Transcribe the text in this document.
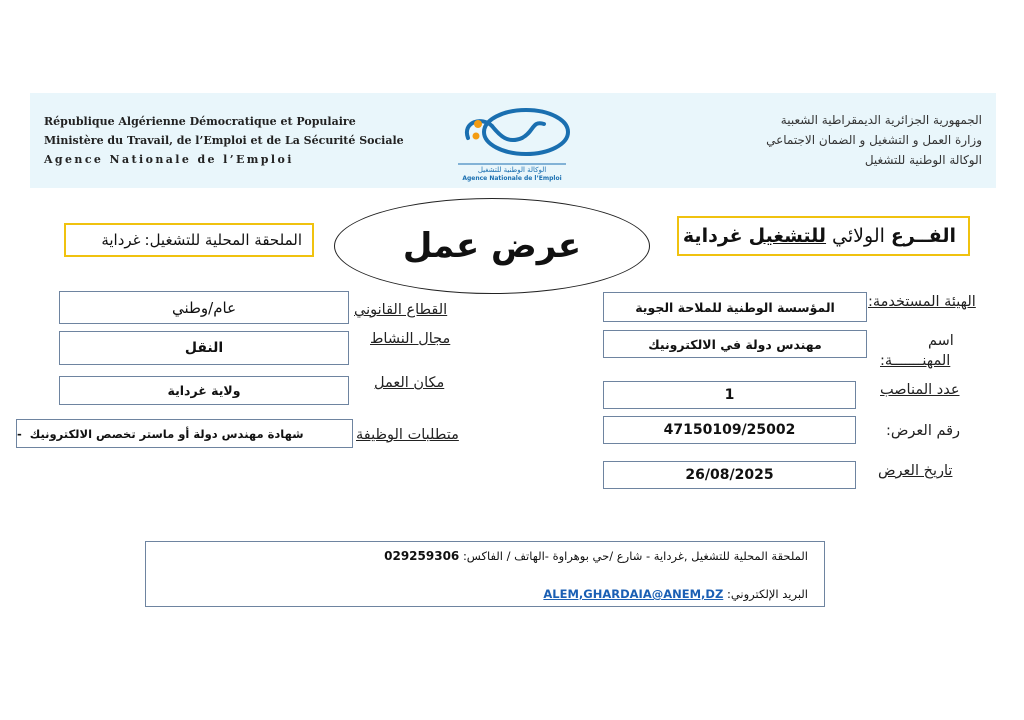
République Algérienne Démocratique et Populaire
Ministère du Travail, de l’Emploi et de La Sécurité Sociale
Agence Nationale de l’Emploi
الجمهورية الجزائرية الديمقراطية الشعبية
وزارة العمل و التشغيل و الضمان الاجتماعي
الوكالة الوطنية للتشغيل
الوكالة الوطنية للتشغيل
Agence Nationale de l’Emploi
الفــرع
الولائي
للتشغيل
غرداية
الملحقة المحلية للتشغيل:
غرداية	عرض عمل
الهيئة المستخدمة:
المؤسسة الوطنية للملاحة الجوية
اسم
المهنـــــــة:
مهندس دولة في الالكترونيك
عدد المناصب
1
رقم العرض:
47150109/25002
تاريخ العرض
26/08/2025
القطاع القانوني
عام/وطني
مجال النشاط
النقل
مكان العمل
ولاية غرداية
متطلبات الوظيفة
شهادة مهندس دولة أو ماستر تخصص الالكترونيك
-
الملحقة المحلية للتشغيل ,غرداية - شارع /حي بوهراوة -الهاتف / الفاكس: 029259306
البريد الإلكتروني: ALEM,GHARDAIA@ANEM,DZ
